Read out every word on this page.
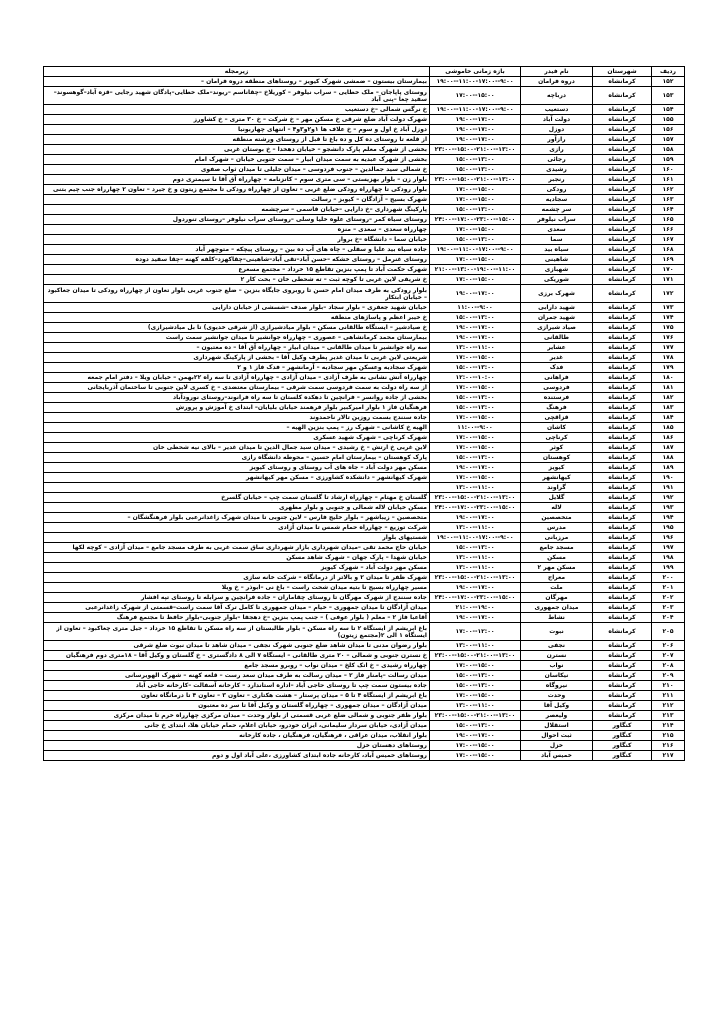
ردیف	شهرستان	نام فیدر	بازه زمانی خاموشی	زیرمجله
۱۵۲	کرمانشاه	دروه فرامان	۹:۰۰--۱۱:۰۰-۱۷:۰۰--۱۹:۰۰	بیمارستان بیستون – ضمشی شهرک کیویز – روستاهای منطقه دروه فرامان –
۱۵۳	کرمانشاه	درباچه	۱۵:۰۰--۱۷:۰۰	روستای پاپاجان – ملک خطایی – سراب نیلوفر – کوریلاخ –چقاناسم –ریوند–ملک خطایی–پادگان شهید رجایی –قزه آباد–گوهسوند–سفید چغا –پنی آباد
۱۵۴	کرمانشاه	دستغیب	۹:۰۰--۱۱:۰۰-۱۷:۰۰--۱۹:۰۰	خ نرگس شمالی –خ دستغیب
۱۵۵	کرمانشاه	دولت آباد	۱۷:۰۰--۱۹:۰۰	شهرک دولت آباد ضلع شرقی خ مسکن مهر – خ شرکت – خ ۳۰ متری – خ کشاورز
۱۵۶	کرمانشاه	دوزل	۱۷:۰۰--۱۹:۰۰	دوزل آباد خ اول و سوم – خ علاف ها ۱و۲و۳و۴ – انتهای چهاربونیا
۱۵۷	کرمانشاه	رازآور	۱۷:۰۰--۱۹:۰۰	از قلعه تا روستای ده کل و ده باغ تا قبل از روستای ورشته منطقه
۱۵۸	کرمانشاه	رازی	۱۳:۰۰--۱۵:۰۰-۲۱:۰۰--۲۳:۰۰	بخشی از شهرک معلم پارک دانشجو – خیابان دهخدا – خ بوستان غربی
۱۵۹	کرمانشاه	رجائی	۱۳:۰۰--۱۵:۰۰	بخشی از شهرک عبدیه به سمت میدان ابیار – سمت جنوبی خیابان – شهرک امام
۱۶۰	کرمانشاه	رشیدی	۱۳:۰۰--۱۵:۰۰	خ شمالی سید جمالدین – جنوب فردوسی – میدان جلیلی تا میدان ثواب صفوی
۱۶۱	کرمانشاه	رنجبر	۱۳:۰۰--۱۵:۰۰-۲۱:۰۰--۲۳:۰۰	بلوار زن – بلوار بهزیستی – سی متری سوم – کانزنامه – چهارراه آق آقا تا سیمتری دوم
۱۶۲	کرمانشاه	رودکی	۱۵:۰۰--۱۷:۰۰	بلوار رودکی تا چهارراه رودکی ضلع غربی – تعاون از چهارراه رودکی تا مجتمع زیتون و خ جیرد – تعاون ۲ چهارراه جنب چیم بتنی
۱۶۳	کرمانشاه	سجادیه	۱۵:۰۰--۱۷:۰۰	شهرک بسیج – آزادگان – کیوبز – رسالت
۱۶۴	کرمانشاه	سر چشمه	۱۳:۰۰--۱۵:۰۰	پارکینگ شهرداری –خ دارایی –خیابان قاسمی – سرچشمه
۱۶۵	کرمانشاه	سراب نیلوفر	۱۵:۰۰--۱۷:۰۰-۲۳:۰۰--۲۴:۰۰	روستای سیاه کمر –روستای علوه خلیا وسلی –روستای سراب نیلوفر –روستای تنوردول
۱۶۶	کرمانشاه	سعدی	۱۵:۰۰--۱۷:۰۰	چهارراه سعدی – سعدی – منزه
۱۶۷	کرمانشاه	سما	۱۳:۰۰--۱۵:۰۰	خیابان سما – دانشگاه –خ بروار
۱۶۸	کرمانشاه	سیاه بید	۹:۰۰--۱۱:۰۰-۱۷:۰۰--۱۹:۰۰	جاده سیاه بید علیا و سفلی – چاه های آب ده بین – روستای پیچکه – متوچهر آباد
۱۶۹	کرمانشاه	شاهینی	۱۵:۰۰--۱۷:۰۰	روستای غنرمل – روستای خشکه –حسن آباد–تقی آباد–شاهینی–چقاکهزد–کلفه کهنه –چقا سفید دوده
۱۷۰	کرمانشاه	شهبازی	۱۱:۰۰--۱۳:۰۰-۱۹:۰۰--۲۱:۰۰	شهرک حکمت آباد تا پمپ بنزین تقاطع ۱۵ خرداد – مجتمع مسعرع
۱۷۱	کرمانشاه	شوریکی	۱۵:۰۰--۱۷:۰۰	خ شریفی لاین غربی تا کوچه ثبت – ته شحطی خان – بخت کار ۲
۱۷۲	کرمانشاه	شهرک برزی	۱۷:۰۰--۱۹:۰۰	بلوار رودکی به طرف میدان امام حسن تا روبروی جایگاه بنزین – ضلع جنوب غربی بلوار تعاون از چهارراه رودکی تا میدان جغاکبود – خیابان ابتکار
۱۷۳	کرمانشاه	شهید دارابی	۹:۰۰--۱۱:۰۰	خیابان شهید جعفری – بلوار سجاد –بلوار صدف –شسشی از خیابان دارایی
۱۷۴	کرمانشاه	شهید جمران	۱۳:۰۰--۱۵:۰۰	خ خیبر اعظم و پاساژهای منطقه
۱۷۵	کرمانشاه	صیاد شیرازی	۱۷:۰۰--۱۹:۰۰	خ صیادشیر – ایستگاه طالقانی مسکن – بلوار میادشیرازی (از شرقی خدیوی) تا بل میادشیرازی)
۱۷۶	کرمانشاه	طالقانی	۱۷:۰۰--۱۹:۰۰	بیمارستان محمد کرمانشاهی – عصوری – چهارراه جوانشیر تا میدان جوانشیر سمت راست
۱۷۷	کرمانشاه	عشایر	۱۱:۰۰--۱۳:۰۰	سه راه جوانشیر تا میدان طالقانی – میدان ابیار – چهارراه آق آقا – ده معتبون –
۱۷۸	کرمانشاه	غدیر	۱۵:۰۰--۱۷:۰۰	شریعتی لاین غربی تا میدان غدیر پطرف وکیل آقا – بخشی از پارکینگ شهرداری
۱۷۹	کرمانشاه	فدک	۱۳:۰۰--۱۵:۰۰	شهرک سجادیه وعسکن مهر سجادیه – آرمانشهر – فدک فاز ۱ و ۲
۱۸۰	کرمانشاه	فراهانی	۱۰:۰۰--۱۲:۰۰	چهارراه آتش نشانی به طرف آزادی – میدان آزادی – چهارراه آزادی تا سه راه ۲۲بهمن – خیابان ویلا – دفتر امام جمعه
۱۸۱	کرمانشاه	فردوسی	۱۵:۰۰--۱۷:۰۰	از سه راه دولت به سمت فردوسی سمت شرقی – بیمارستان معتضدی – خ کسری لاین جنوبی تا ساختمان آذربایجانی
۱۸۲	کرمانشاه	فرستنده	۱۳:۰۰--۱۵:۰۰	بخشی از جاده روانسر – فرانچین تا دهکده کلستان تا سه راه فرانوند–روستای نورودآباد
۱۸۳	کرمانشاه	فرهنگ	۱۳:۰۰--۱۵:۰۰	فرهنگیان فاز ۱ بلوار امیرکبیر بلوار فرهمند خیابان بلیایان– ابتدای خ آموزش و پرورش
۱۸۴	کرمانشاه	قزاقچی	۱۵:۰۰--۱۷:۰۰	جاده سنندج بسمت روزین تالار ناحمدوند
۱۸۵	کرمانشاه	کاشان	۹:۰۰--۱۱:۰۰	الهیه خ کاشانی – شهرک رز – پمپ بنزین الهیه –
۱۸۶	کرمانشاه	کرناچی	۱۵:۰۰--۱۷:۰۰	شهرک کرناچی – شهرک شهید عسکری
۱۸۷	کرمانشاه	کوثر	۱۵:۰۰--۱۷:۰۰	لاین غربی خ ارتش – خ رشیدی – میدان سید جمال الدین تا میدان غدیر – بالای نیه شحطی خان
۱۸۸	کرمانشاه	کوهستان	۱۳:۰۰--۱۵:۰۰	پارک کوهستان – بیمارستان امام حسین – محوطه دانشگاه رازی
۱۸۹	کرمانشاه	کیویز	۱۷:۰۰--۱۹:۰۰	مسکن مهر دولت آباد – جاه های آب روستای و روستای کیویز
۱۹۰	کرمانشاه	کیهانشهر	۱۵:۰۰--۱۷:۰۰	شهرک کیهانشهر – دانشکده کشاورزی – مسکن مهر کیهانشهر
۱۹۱	کرمانشاه	گراوند	۱۱:۰۰--۱۳:۰۰	
۱۹۲	کرمانشاه	گلایل	۱۳:۰۰--۱۵:۰۰-۲۱:۰۰--۲۳:۰۰	گلستان خ مهتام – چهارراه ارشاد تا گلستان سمت چپ – خیابان گلسرخ
۱۹۳	کرمانشاه	لاله	۱۵:۰۰--۱۷:۰۰-۲۳:۰۰--۲۴:۰۰	مسکن خیابان لاله شمالی و جنوبی و بلوار مطهری
۱۹۴	کرمانشاه	متخصصین	۱۷:۰۰--۱۹:۰۰	متخصصین – زیباشهر – بلوار خلیج فارس – لاین جنوبی تا میدان شهرک زاغدانرعبی بلوار فرهنگشگان –
۱۹۵	کرمانشاه	مدرس	۱۱:۰۰--۱۳:۰۰	شرکت توزیع – چهارراه حمام شمس تا میدان آزادی
۱۹۶	کرمانشاه	مرزبانی	۹:۰۰--۱۱:۰۰-۱۷:۰۰--۱۹:۰۰	شستیهای بلوار
۱۹۷	کرمانشاه	مسجد جامع	۱۳:۰۰--۱۵:۰۰	خیابان حاج محمد تقی –میدان شهرداری بازار شهرداری ساق سمت غربی به طرف مسجد جامع – میدان آزادی – کوچه لکها
۱۹۸	کرمانشاه	مسکن	۱۱:۰۰--۱۳:۰۰	خیابان شهدا – پارک جهان – شهرک شاهد مسکن
۱۹۹	کرمانشاه	مسکن مهر ۲	۱۱:۰۰--۱۳:۰۰	مسکن مهر دولت آباد – شهرک کیویز
۲۰۰	کرمانشاه	معراج	۱۳:۰۰--۱۵:۰۰-۲۱:۰۰--۲۳:۰۰	شهرک ظفر تا میدان ۲ و بالاتر از درمانگاه – شرکت خانه سازی
۲۰۱	کرمانشاه	ملت	۱۷:۰۰--۱۹:۰۰	مسیر چهارراه بسیج تا بتیه میدان شحت راست – باغ نی –ابوذر – خ ویلا
۲۰۲	کرمانشاه	مهرگان	۱۵:۰۰--۱۷:۰۰-۲۳:۰۰--۲۴:۰۰	جاده سنندج از شهرک مهرگان تا روستای چقاماران – جاده فرانچین و سرابله تا روستای تپه افشار
۲۰۳	کرمانشاه	میدان جمهوری	۱۹:۰۰--۲۱:۰۰	میدان آزادگان تا میدان جمهوری – خیام – میدان جمهوری تا کامل ترک آقا سمت راست–قسمتی از شهرک زاغدانرعبی
۲۰۴	کرمانشاه	نشاط	۱۷:۰۰--۱۹:۰۰	آقاعبا فاز ۲ – معلم ( بلوار عوفی ) – جنب پمپ بنزین –خ دهجفا –بلوار جنوبی–بلوار حافظ تا مجتمع فرهنگ
۲۰۵	کرمانشاه	نبوت	۱۲:۰۰--۱۷:۰۰	باغ ابریشم از ایستگاه ۲ تا سه راه مسکن – بلوار طالبستان از سه راه مسکن تا تقاطع ۱۵ خرداد – جیل متری چغاکبود – تعاون از ایستگاه ۱ الی ۲(مجتمع زیتون)
۲۰۶	کرمانشاه	نجفی	۱۱:۰۰--۱۳:۰۰	بلوار رضوان مدنی تا میدان شاهد ضلع جنوبی شهرک نجفی – میدان شاهد تا میدان نبوت ضلع شرقی
۲۰۷	کرمانشاه	نسترن	۱۳:۰۰--۱۵:۰۰-۲۱:۰۰--۲۳:۰۰	خ نسترن جنوبی و شمالی – ۲۰ متری طالقانی – ایستگاه ۷ الی ۸ دادگستری – خ گلستان و وکیل آقا – ۱۸متری دوم فرهنگیان
۲۰۸	کرمانشاه	نواب	۱۵:۰۰--۱۷:۰۰	چهارراه رشیدی – خ اتک کلخ – میدان نواب – روبرو مسجد جامع
۲۰۹	کرمانشاه	نیکاسان	۱۳:۰۰--۱۵:۰۰	میدان رسالت –پامنار فاز ۲ – میدان رسالت به طرف میدان سعد رست – قلعه کهنه – شهرک الهویرسانی
۲۱۰	کرمانشاه	نیروگاه	۱۳:۰۰--۱۵:۰۰	جاده بیستون سمت چپ تا روستای حاجی آباد –اداره استاندارد – کارخانه آسفالت –کارخانه حاجی آباد
۲۱۱	کرمانشاه	وحدت	۱۵:۰۰--۱۷:۰۰	باغ ابریشم از ایستگاه ۴ تا ۵ – میدان پرستار – هشت هکتاری – تعاون ۳ – تعاون ۴ تا درمانگاه تعاون
۲۱۲	کرمانشاه	وکیل آقا	۱۱:۰۰--۱۳:۰۰	میدان آزادگان – میدان جمهوری – چهارراه گلستان و وکیل آقا تا سر ده معتبون
۲۱۳	کرمانشاه	ولیعصر	۱۳:۰۰--۱۵:۰۰-۲۱:۰۰--۲۳:۰۰	بلوار ظفر جنوبی و شمالی ضلع غربی قسمتی از بلوار وحدت – میدان مرکزی چهارراه خرم تا میدان مرکزی
۲۱۴	کنگاور	استقلال	۱۳:۰۰--۱۵:۰۰	میدان آزادی، خیابان سردار سلیمانی، ایران خودرو، خیابان اعلام، حمام خیابان هلا، ابتدای خ جانی
۲۱۵	کنگاور	ثبت احوال	۱۷:۰۰--۱۹:۰۰	بلوار انقلاب، میدان عراقی ، فرهنگیان، فرهنگیان ، جاده کارخانه
۲۱۶	کنگاور	خزل	۱۵:۰۰--۱۷:۰۰	روستاهای دهستان خزل
۲۱۷	کنگاور	خمیس آباد	۱۵:۰۰--۱۷:۰۰	روستاهای خمیس آباد، کارخانه جاده ابتدای کشاورزی ،علی آباد اول و دوم
